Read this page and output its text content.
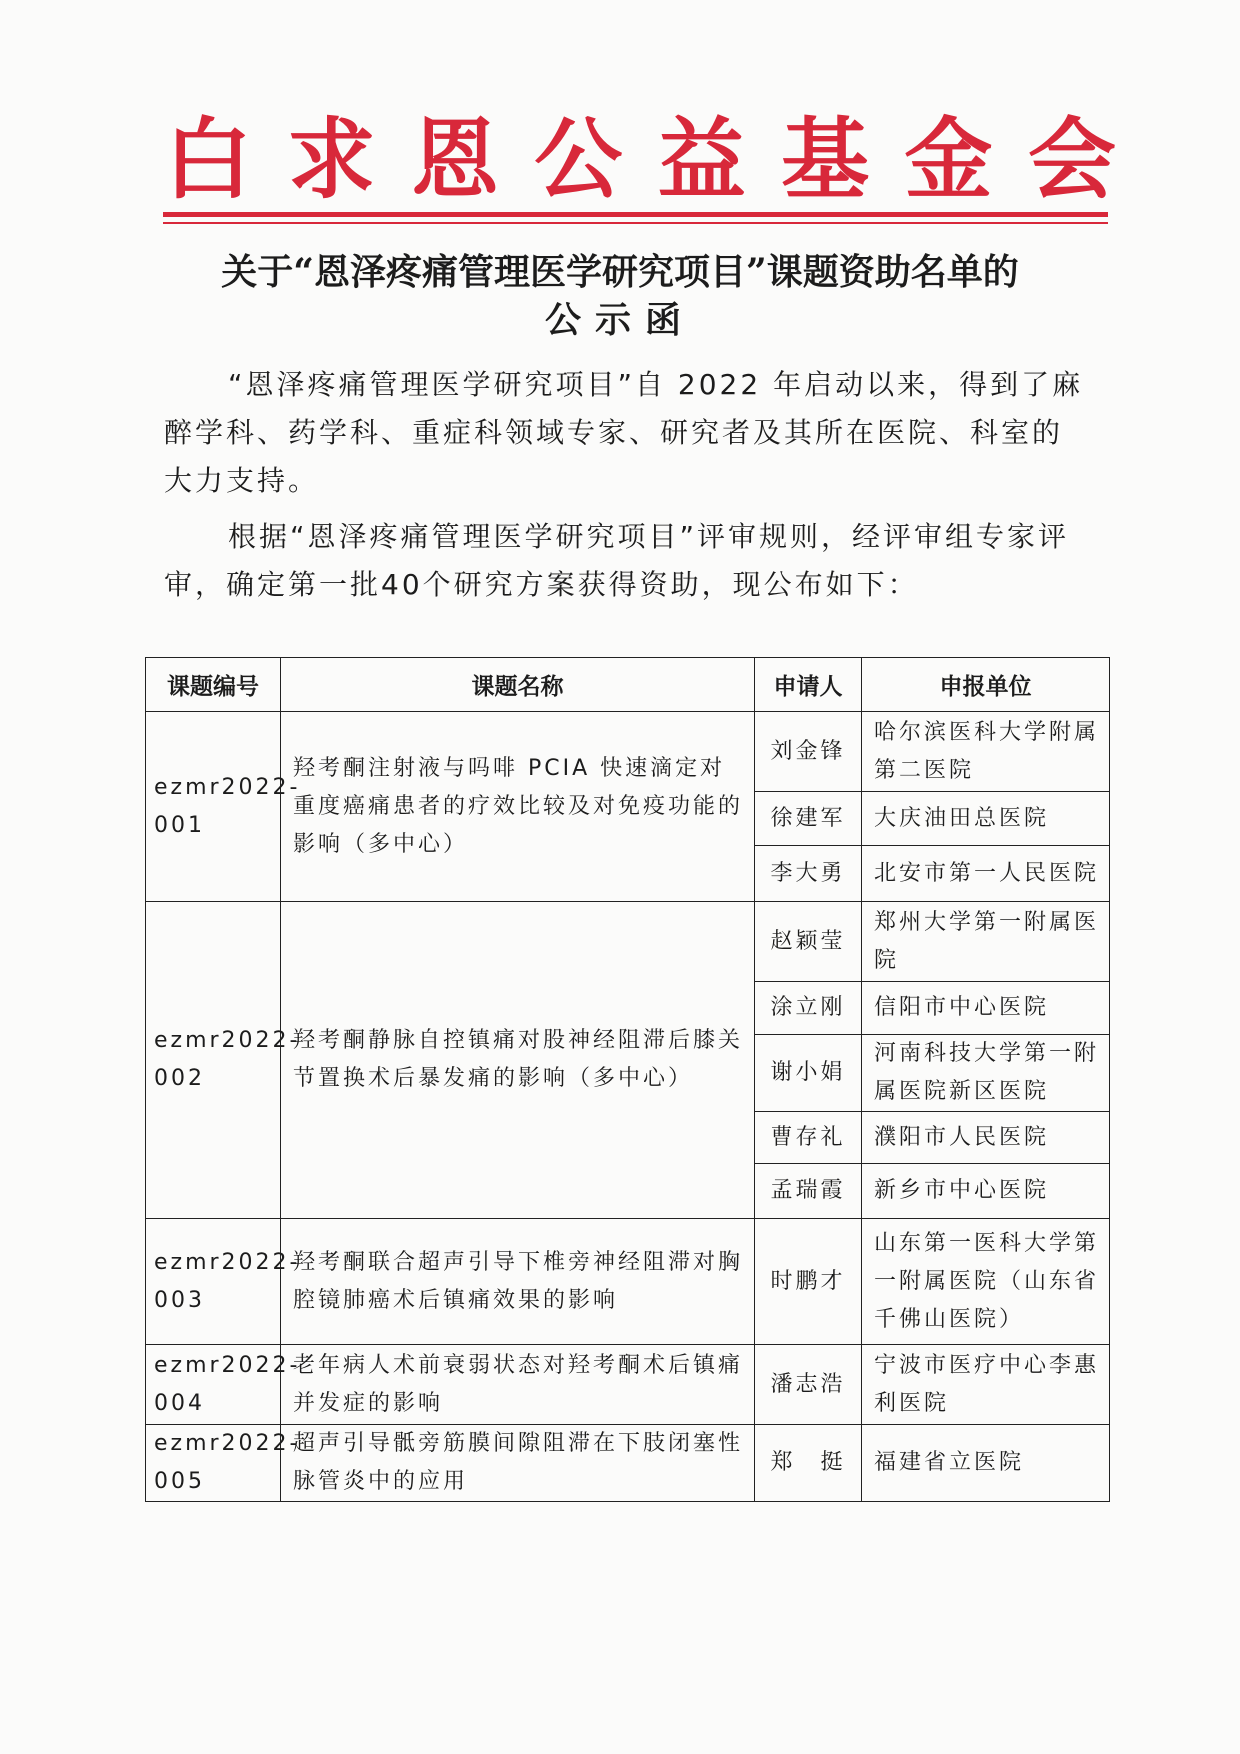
白 求 恩 公 益 基 金 会
关于“恩泽疼痛管理医学研究项目”课题资助名单的
公示函
“恩泽疼痛管理医学研究项目”自 2022 年启动以来，得到了麻醉学科、药学科、重症科领域专家、研究者及其所在医院、科室的大力支持。
根据“恩泽疼痛管理医学研究项目”评审规则，经评审组专家评审，确定第一批40个研究方案获得资助，现公布如下：
课题编号	课题名称	申请人	申报单位
ezmr2022-001	羟考酮注射液与吗啡 PCIA 快速滴定对重度癌痛患者的疗效比较及对免疫功能的影响（多中心）	刘金锋	哈尔滨医科大学附属第二医院
		徐建军	大庆油田总医院
		李大勇	北安市第一人民医院
ezmr2022-002	羟考酮静脉自控镇痛对股神经阻滞后膝关节置换术后暴发痛的影响（多中心）	赵颖莹	郑州大学第一附属医院
		涂立刚	信阳市中心医院
		谢小娟	河南科技大学第一附属医院新区医院
		曹存礼	濮阳市人民医院
		孟瑞霞	新乡市中心医院
ezmr2022-003	羟考酮联合超声引导下椎旁神经阻滞对胸腔镜肺癌术后镇痛效果的影响	时鹏才	山东第一医科大学第一附属医院（山东省千佛山医院）
ezmr2022-004	老年病人术前衰弱状态对羟考酮术后镇痛并发症的影响	潘志浩	宁波市医疗中心李惠利医院
ezmr2022-005	超声引导骶旁筋膜间隙阻滞在下肢闭塞性脉管炎中的应用	郑　挺	福建省立医院
